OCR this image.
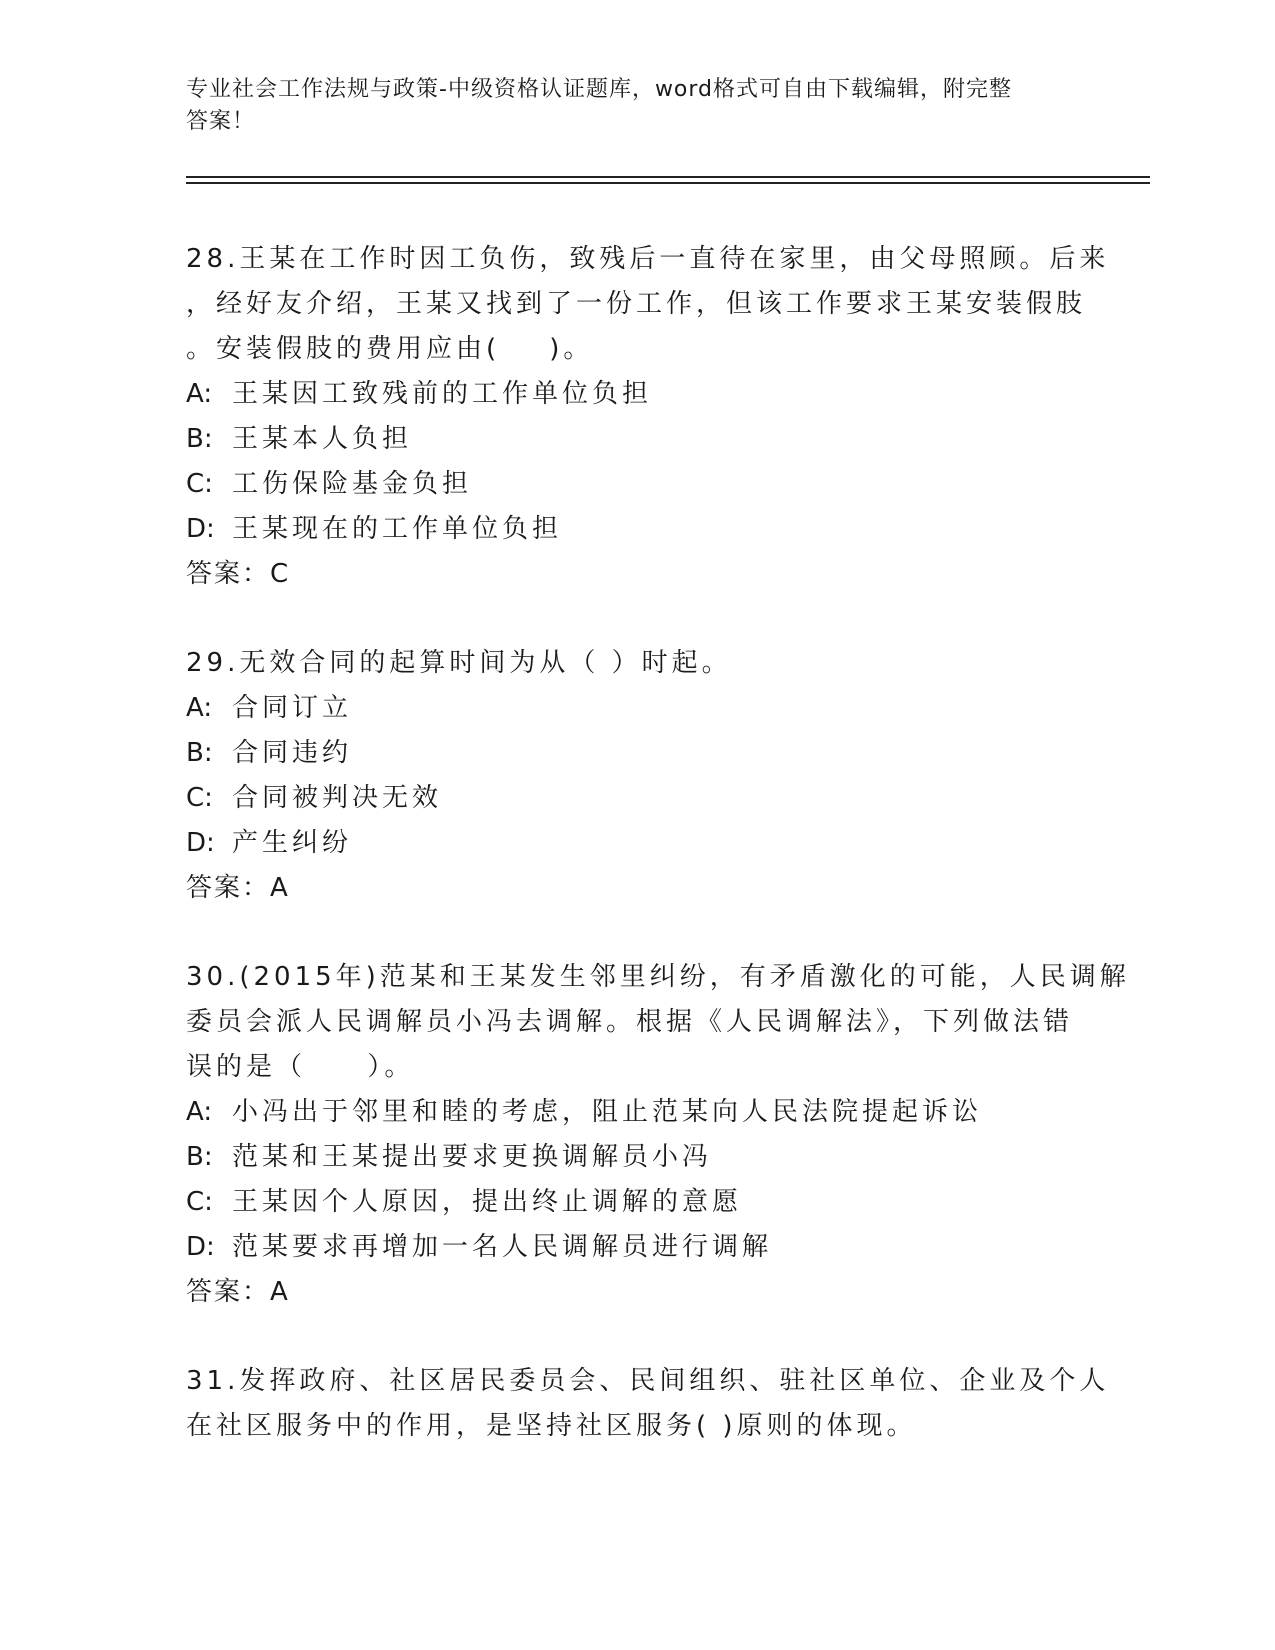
专业社会工作法规与政策-中级资格认证题库，word格式可自由下载编辑，附完整
答案！
28.王某在工作时因工负伤，致残后一直待在家里，由父母照顾。后来
，经好友介绍，王某又找到了一份工作，但该工作要求王某安装假肢
。安装假肢的费用应由(    )。
A: 王某因工致残前的工作单位负担
B: 王某本人负担
C: 工伤保险基金负担
D: 王某现在的工作单位负担
答案：C
29.无效合同的起算时间为从（ ）时起。
A: 合同订立
B: 合同违约
C: 合同被判决无效
D: 产生纠纷
答案：A
30.(2015年)范某和王某发生邻里纠纷，有矛盾激化的可能，人民调解
委员会派人民调解员小冯去调解。根据《人民调解法》，下列做法错
误的是（     ）。
A: 小冯出于邻里和睦的考虑，阻止范某向人民法院提起诉讼
B: 范某和王某提出要求更换调解员小冯
C: 王某因个人原因，提出终止调解的意愿
D: 范某要求再增加一名人民调解员进行调解
答案：A
31.发挥政府、社区居民委员会、民间组织、驻社区单位、企业及个人
在社区服务中的作用，是坚持社区服务( )原则的体现。
